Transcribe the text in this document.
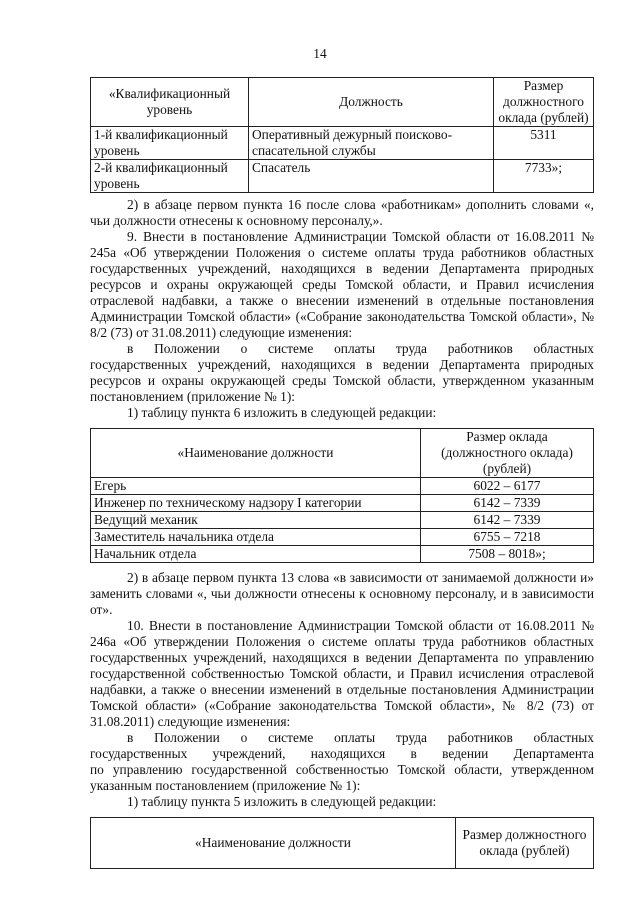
14
«Квалификационный уровень	Должность	Размер должностного оклада (рублей)
1-й квалификационный уровень	Оперативный дежурный поисково-спасательной службы	5311
2-й квалификационный уровень	Спасатель	7733»;

2) в абзаце первом пункта 16 после слова «работникам» дополнить словами «, чьи должности отнесены к основному персоналу,».

9. Внести в постановление Администрации Томской области от 16.08.2011 № 245а «Об утверждении Положения о системе оплаты труда работников областных государственных учреждений, находящихся в ведении Департамента природных ресурсов и охраны окружающей среды Томской области, и Правил исчисления отраслевой надбавки, а также о внесении изменений в отдельные постановления Администрации Томской области» («Собрание законодательства Томской области», № 8/2 (73) от 31.08.2011) следующие изменения:

в Положении о системе оплаты труда работников областных

государственных учреждений, находящихся в ведении Департамента природных ресурсов и охраны окружающей среды Томской области, утвержденном указанным постановлением (приложение № 1):

1) таблицу пункта 6 изложить в следующей редакции:

«Наименование должности	Размер оклада (должностного оклада) (рублей)
Егерь	6022 – 6177
Инженер по техническому надзору I категории	6142 – 7339
Ведущий механик	6142 – 7339
Заместитель начальника отдела	6755 – 7218
Начальник отдела	7508 – 8018»;

2) в абзаце первом пункта 13 слова «в зависимости от занимаемой должности и» заменить словами «, чьи должности отнесены к основному персоналу, и в зависимости от».

10. Внести в постановление Администрации Томской области от 16.08.2011 № 246а «Об утверждении Положения о системе оплаты труда работников областных государственных учреждений, находящихся в ведении Департамента по управлению государственной собственностью Томской области, и Правил исчисления отраслевой надбавки, а также о внесении изменений в отдельные постановления Администрации Томской области» («Собрание законодательства Томской области», № 8/2 (73) от 31.08.2011) следующие изменения:

в Положении о системе оплаты труда работников областных

государственных учреждений, находящихся в ведении Департамента

по управлению государственной собственностью Томской области, утвержденном указанным постановлением (приложение № 1):

1) таблицу пункта 5 изложить в следующей редакции:

«Наименование должности	Размер должностного оклада (рублей)
